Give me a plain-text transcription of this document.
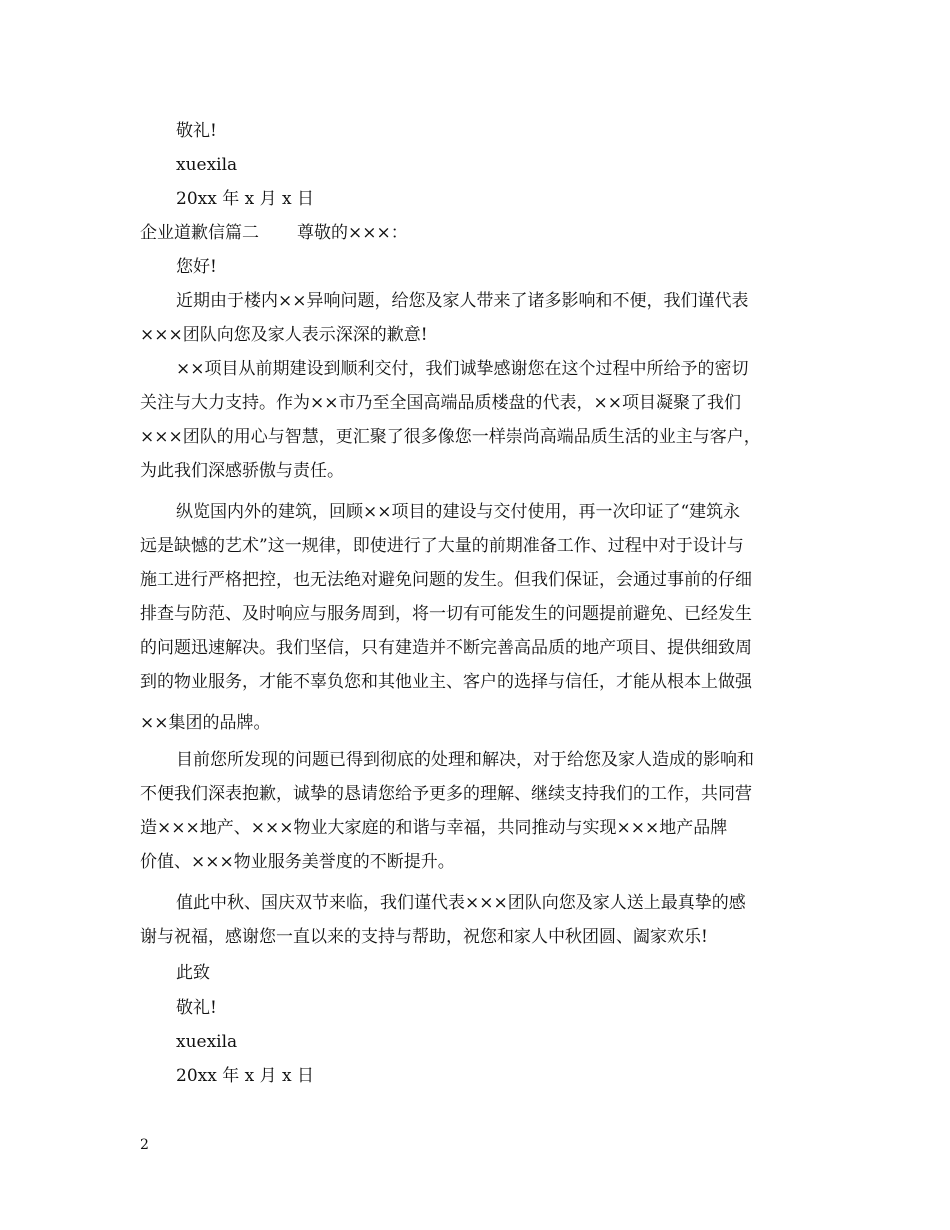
敬礼!
xuexila
20xx 年 x 月 x 日
企业道歉信篇二 尊敬的×××：
您好!
近期由于楼内××异响问题，给您及家人带来了诸多影响和不便，我们谨代表
×××团队向您及家人表示深深的歉意!
××项目从前期建设到顺利交付，我们诚挚感谢您在这个过程中所给予的密切
关注与大力支持。作为××市乃至全国高端品质楼盘的代表，××项目凝聚了我们
×××团队的用心与智慧，更汇聚了很多像您一样崇尚高端品质生活的业主与客户，
为此我们深感骄傲与责任。
纵览国内外的建筑，回顾××项目的建设与交付使用，再一次印证了“建筑永
远是缺憾的艺术”这一规律，即使进行了大量的前期准备工作、过程中对于设计与
施工进行严格把控，也无法绝对避免问题的发生。但我们保证，会通过事前的仔细
排查与防范、及时响应与服务周到，将一切有可能发生的问题提前避免、已经发生
的问题迅速解决。我们坚信，只有建造并不断完善高品质的地产项目、提供细致周
到的物业服务，才能不辜负您和其他业主、客户的选择与信任，才能从根本上做强
××集团的品牌。
目前您所发现的问题已得到彻底的处理和解决，对于给您及家人造成的影响和
不便我们深表抱歉，诚挚的恳请您给予更多的理解、继续支持我们的工作，共同营
造×××地产、×××物业大家庭的和谐与幸福，共同推动与实现×××地产品牌
价值、×××物业服务美誉度的不断提升。
值此中秋、国庆双节来临，我们谨代表×××团队向您及家人送上最真挚的感
谢与祝福，感谢您一直以来的支持与帮助，祝您和家人中秋团圆、阖家欢乐!
此致
敬礼!
xuexila
20xx 年 x 月 x 日
2
